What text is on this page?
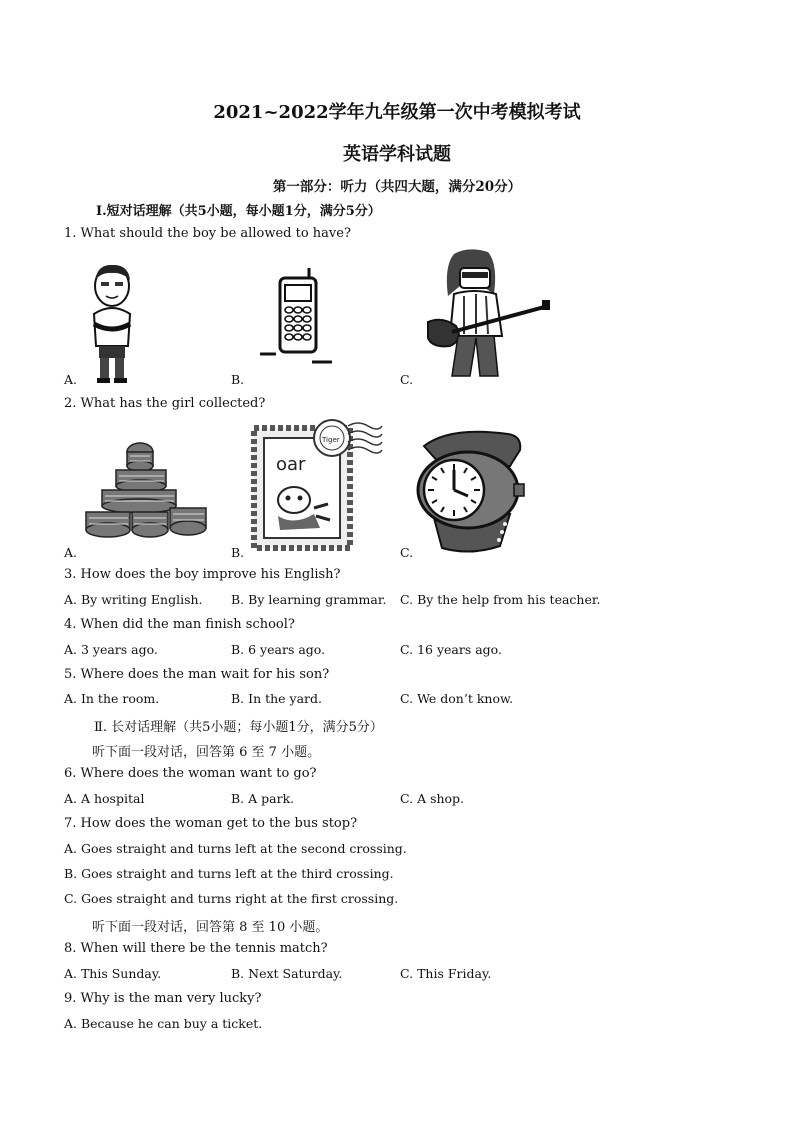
2021~2022学年九年级第一次中考模拟考试
英语学科试题
第一部分：听力（共四大题，满分20分）
Ⅰ.短对话理解（共5小题，每小题1分，满分5分）
1. What should the boy be allowed to have?
A.	B.	C.
2. What has the girl collected?
oar
Tiger
A.	B.	C.
3. How does the boy improve his English?
A. By writing English. B. By learning grammar. C. By the help from his teacher.
4. When did the man finish school?
A. 3 years ago.	B. 6 years ago.	C. 16 years ago.
5. Where does the man wait for his son?
A. In the room.	B. In the yard.	C. We don’t know.
Ⅱ. 长对话理解（共5小题；每小题1分，满分5分）
听下面一段对话，回答第 6 至 7 小题。
6. Where does the woman want to go?
A. A hospital	B. A park.	C. A shop.
7. How does the woman get to the bus stop?
A. Goes straight and turns left at the second crossing.
B. Goes straight and turns left at the third crossing.
C. Goes straight and turns right at the first crossing.
听下面一段对话，回答第 8 至 10 小题。
8. When will there be the tennis match?
A. This Sunday.	B. Next Saturday.	C. This Friday.
9. Why is the man very lucky?
A. Because he can buy a ticket.
